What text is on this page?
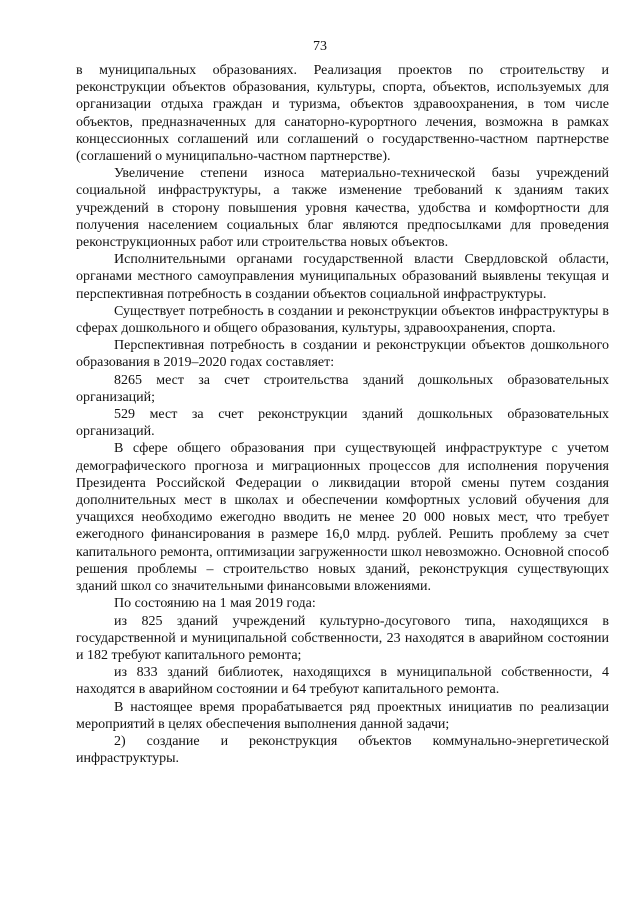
73

в муниципальных образованиях. Реализация проектов по строительству и реконструкции объектов образования, культуры, спорта, объектов, используемых для организации отдыха граждан и туризма, объектов здравоохранения, в том числе объектов, предназначенных для санаторно-курортного лечения, возможна в рамках концессионных соглашений или соглашений о государственно-частном партнерстве (соглашений о муниципально-частном партнерстве).

Увеличение степени износа материально-технической базы учреждений социальной инфраструктуры, а также изменение требований к зданиям таких учреждений в сторону повышения уровня качества, удобства и комфортности для получения населением социальных благ являются предпосылками для проведения реконструкционных работ или строительства новых объектов.

Исполнительными органами государственной власти Свердловской области, органами местного самоуправления муниципальных образований выявлены текущая и перспективная потребность в создании объектов социальной инфраструктуры.

Существует потребность в создании и реконструкции объектов инфраструктуры в сферах дошкольного и общего образования, культуры, здравоохранения, спорта.

Перспективная потребность в создании и реконструкции объектов дошкольного образования в 2019–2020 годах составляет:

8265 мест за счет строительства зданий дошкольных образовательных организаций;

529 мест за счет реконструкции зданий дошкольных образовательных организаций.

В сфере общего образования при существующей инфраструктуре с учетом демографического прогноза и миграционных процессов для исполнения поручения Президента Российской Федерации о ликвидации второй смены путем создания дополнительных мест в школах и обеспечении комфортных условий обучения для учащихся необходимо ежегодно вводить не менее 20 000 новых мест, что требует ежегодного финансирования в размере 16,0 млрд. рублей. Решить проблему за счет капитального ремонта, оптимизации загруженности школ невозможно. Основной способ решения проблемы – строительство новых зданий, реконструкция существующих зданий школ со значительными финансовыми вложениями.

По состоянию на 1 мая 2019 года:

из 825 зданий учреждений культурно-досугового типа, находящихся в государственной и муниципальной собственности, 23 находятся в аварийном состоянии и 182 требуют капитального ремонта;

из 833 зданий библиотек, находящихся в муниципальной собственности, 4 находятся в аварийном состоянии и 64 требуют капитального ремонта.

В настоящее время прорабатывается ряд проектных инициатив по реализации мероприятий в целях обеспечения выполнения данной задачи;

2) создание и реконструкция объектов коммунально-энергетической инфраструктуры.
